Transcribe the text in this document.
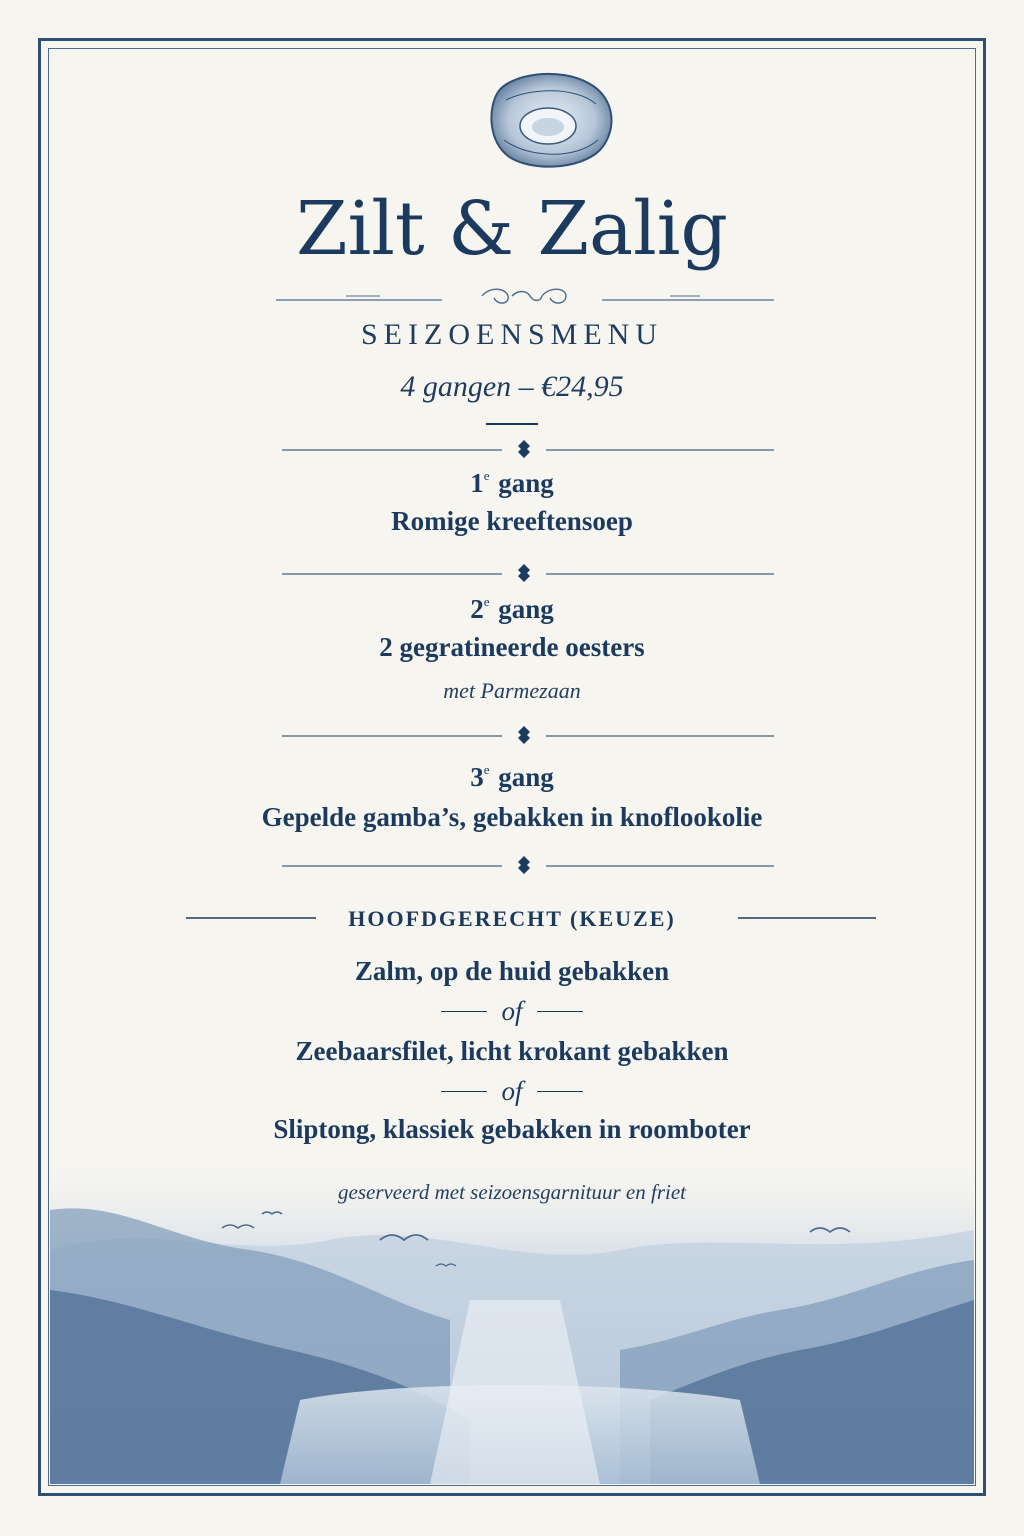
Zilt & Zalig
SEIZOENSMENU
4 gangen – €24,95
1e gang
Romige kreeftensoep
2e gang
2 gegratineerde oesters
met Parmezaan
3e gang
Gepelde gamba’s, gebakken in knoflookolie
HOOFDGERECHT (KEUZE)
Zalm, op de huid gebakken
of
Zeebaarsfilet, licht krokant gebakken
of
Sliptong, klassiek gebakken in roomboter
geserveerd met seizoensgarnituur en friet
